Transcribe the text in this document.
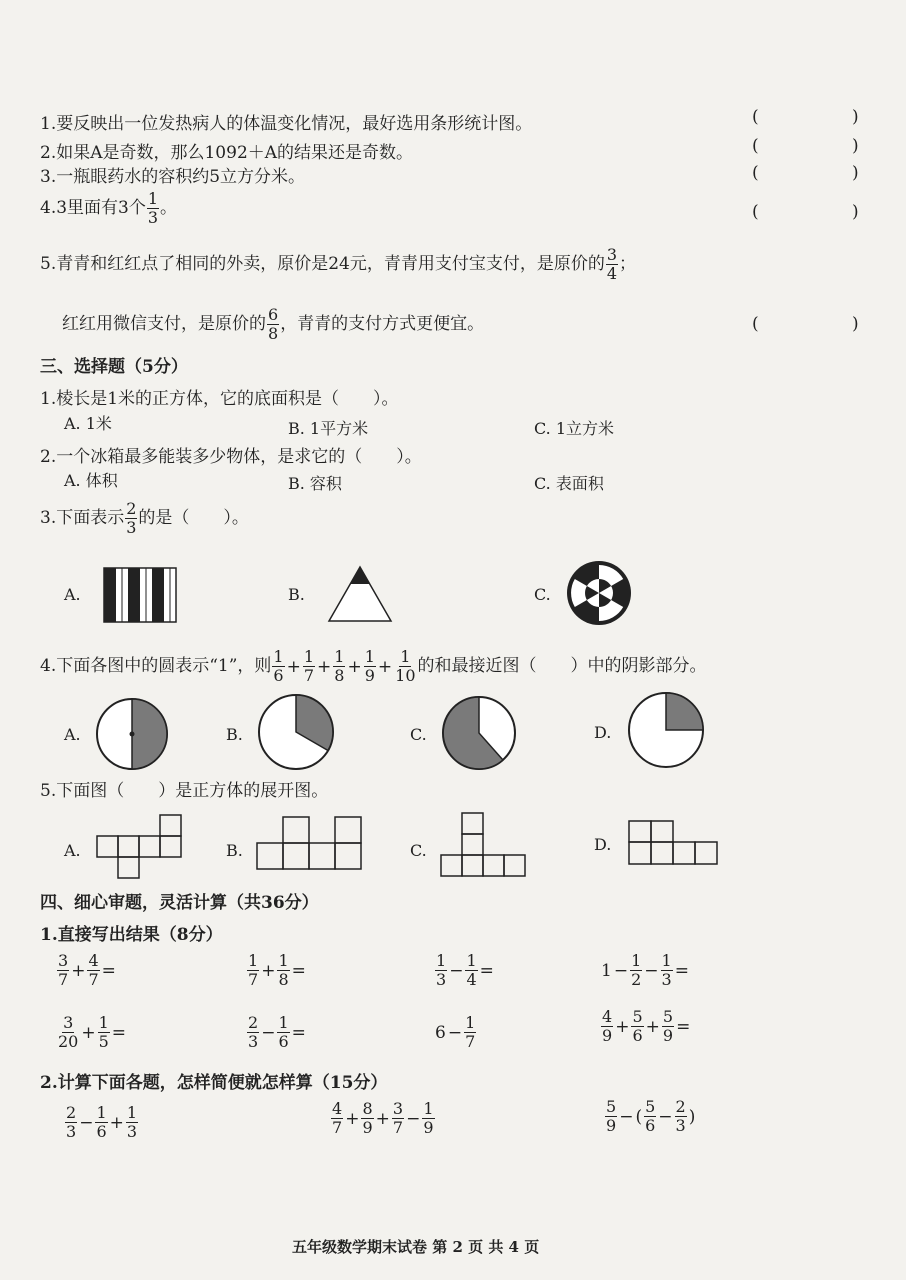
1.要反映出一位发热病人的体温变化情况，最好选用条形统计图。	( )
2.如果A是奇数，那么1092＋A的结果还是奇数。	( )
3.一瓶眼药水的容积约5立方分米。	( )
4.3里面有3个 $\frac{1}{3}$ 。	( )
5.青青和红红点了相同的外卖，原价是24元，青青用支付宝支付，是原价的 $\frac{3}{4}$ ；
红红用微信支付，是原价的 $\frac{6}{8}$ ，青青的支付方式更便宜。	( )
三、选择题（5分）
1.棱长是1米的正方体，它的底面积是（　　）。
A. 1米	B. 1平方米	C. 1立方米
2.一个冰箱最多能装多少物体，是求它的（　　）。
A. 体积	B. 容积	C. 表面积
3.下面表示 $\frac{2}{3}$ 的是（　　）。
A.	B.	C.
4.下面各图中的圆表示“1”，则 $\frac{1}{6} + \frac{1}{7} + \frac{1}{8} + \frac{1}{9} + \frac{1}{10}$ 的和最接近图（　　）中的阴影部分。
A.	B.	C.	D.
5.下面图（　　）是正方体的展开图。
A.	B.	C.	D.
四、细心审题，灵活计算（共36分）
1.直接写出结果（8分）
$\frac{3}{7} + \frac{4}{7}$ =	$\frac{1}{7} + \frac{1}{8}$ =	$\frac{1}{3} - \frac{1}{4}$ =	$1 - \frac{1}{2} - \frac{1}{3}$ =
$\frac{3}{20} + \frac{1}{5}$ =	$\frac{2}{3} - \frac{1}{6}$ =	$6 - \frac{1}{7}$	$\frac{4}{9} + \frac{5}{6} + \frac{5}{9}$ =
2.计算下面各题，怎样简便就怎样算（15分）
$\frac{2}{3} - \frac{1}{6} + \frac{1}{3}$	$\frac{4}{7} + \frac{8}{9} + \frac{3}{7} - \frac{1}{9}$	$\frac{5}{9}$ − ( $\frac{5}{6} - \frac{2}{3}$ )
五年级数学期末试卷 第 2 页 共 4 页
